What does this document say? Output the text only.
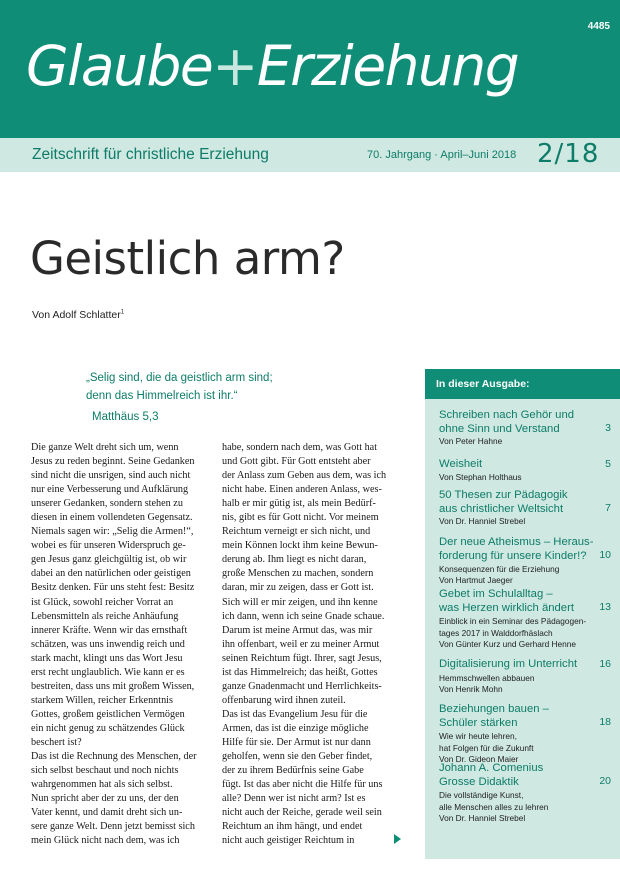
4485
Glaube+Erziehung
Zeitschrift für christliche Erziehung	70. Jahrgang · April–Juni 2018 2/18
Geistlich arm?
Von Adolf Schlatter$^1$
„Selig sind, die da geistlich arm sind;
denn das Himmelreich ist ihr.“
Matthäus 5,3
Die ganze Welt dreht sich um, wenn
Jesus zu reden beginnt. Seine Gedanken
sind nicht die unsrigen, sind auch nicht
nur eine Verbesserung und Aufklärung
unserer Gedanken, sondern stehen zu
diesen in einem vollendeten Gegensatz.
Niemals sagen wir: „Selig die Armen!“,
wobei es für unseren Widerspruch ge-
gen Jesus ganz gleichgültig ist, ob wir
dabei an den natürlichen oder geistigen
Besitz denken. Für uns steht fest: Besitz
ist Glück, sowohl reicher Vorrat an
Lebensmitteln als reiche Anhäufung
innerer Kräfte. Wenn wir das ernsthaft
schätzen, was uns inwendig reich und
stark macht, klingt uns das Wort Jesu
erst recht unglaublich. Wie kann er es
bestreiten, dass uns mit großem Wissen,
starkem Willen, reicher Erkenntnis
Gottes, großem geistlichen Vermögen
ein nicht genug zu schätzendes Glück
beschert ist?
Das ist die Rechnung des Menschen, der
sich selbst beschaut und noch nichts
wahrgenommen hat als sich selbst.
Nun spricht aber der zu uns, der den
Vater kennt, und damit dreht sich un-
sere ganze Welt. Denn jetzt bemisst sich
mein Glück nicht nach dem, was ich
habe, sondern nach dem, was Gott hat
und Gott gibt. Für Gott entsteht aber
der Anlass zum Geben aus dem, was ich
nicht habe. Einen anderen Anlass, wes-
halb er mir gütig ist, als mein Bedürf-
nis, gibt es für Gott nicht. Vor meinem
Reichtum verneigt er sich nicht, und
mein Können lockt ihm keine Bewun-
derung ab. Ihm liegt es nicht daran,
große Menschen zu machen, sondern
daran, mir zu zeigen, dass er Gott ist.
Sich will er mir zeigen, und ihn kenne
ich dann, wenn ich seine Gnade schaue.
Darum ist meine Armut das, was mir
ihn offenbart, weil er zu meiner Armut
seinen Reichtum fügt. Ihrer, sagt Jesus,
ist das Himmelreich; das heißt, Gottes
ganze Gnadenmacht und Herrlichkeits-
offenbarung wird ihnen zuteil.
Das ist das Evangelium Jesu für die
Armen, das ist die einzige mögliche
Hilfe für sie. Der Armut ist nur dann
geholfen, wenn sie den Geber findet,
der zu ihrem Bedürfnis seine Gabe
fügt. Ist das aber nicht die Hilfe für uns
alle? Denn wer ist nicht arm? Ist es
nicht auch der Reiche, gerade weil sein
Reichtum an ihm hängt, und endet
nicht auch geistiger Reichtum in
In dieser Ausgabe:
Schreiben nach Gehör und
ohne Sinn und Verstand
Von Peter Hahne
3
Weisheit
Von Stephan Holthaus
5
50 Thesen zur Pädagogik
aus christlicher Weltsicht
Von Dr. Hanniel Strebel
7
Der neue Atheismus – Heraus-
forderung für unsere Kinder!?
Konsequenzen für die Erziehung
Von Hartmut Jaeger
10
Gebet im Schulalltag –
was Herzen wirklich ändert
Einblick in ein Seminar des Pädagogen-
tages 2017 in Walddorfhäslach
Von Günter Kurz und Gerhard Henne
13
Digitalisierung im Unterricht
Hemmschwellen abbauen
Von Henrik Mohn
16
Beziehungen bauen –
Schüler stärken
Wie wir heute lehren,
hat Folgen für die Zukunft
Von Dr. Gideon Maier
18
Johann A. Comenius
Grosse Didaktik
Die vollständige Kunst,
alle Menschen alles zu lehren
Von Dr. Hanniel Strebel
20
